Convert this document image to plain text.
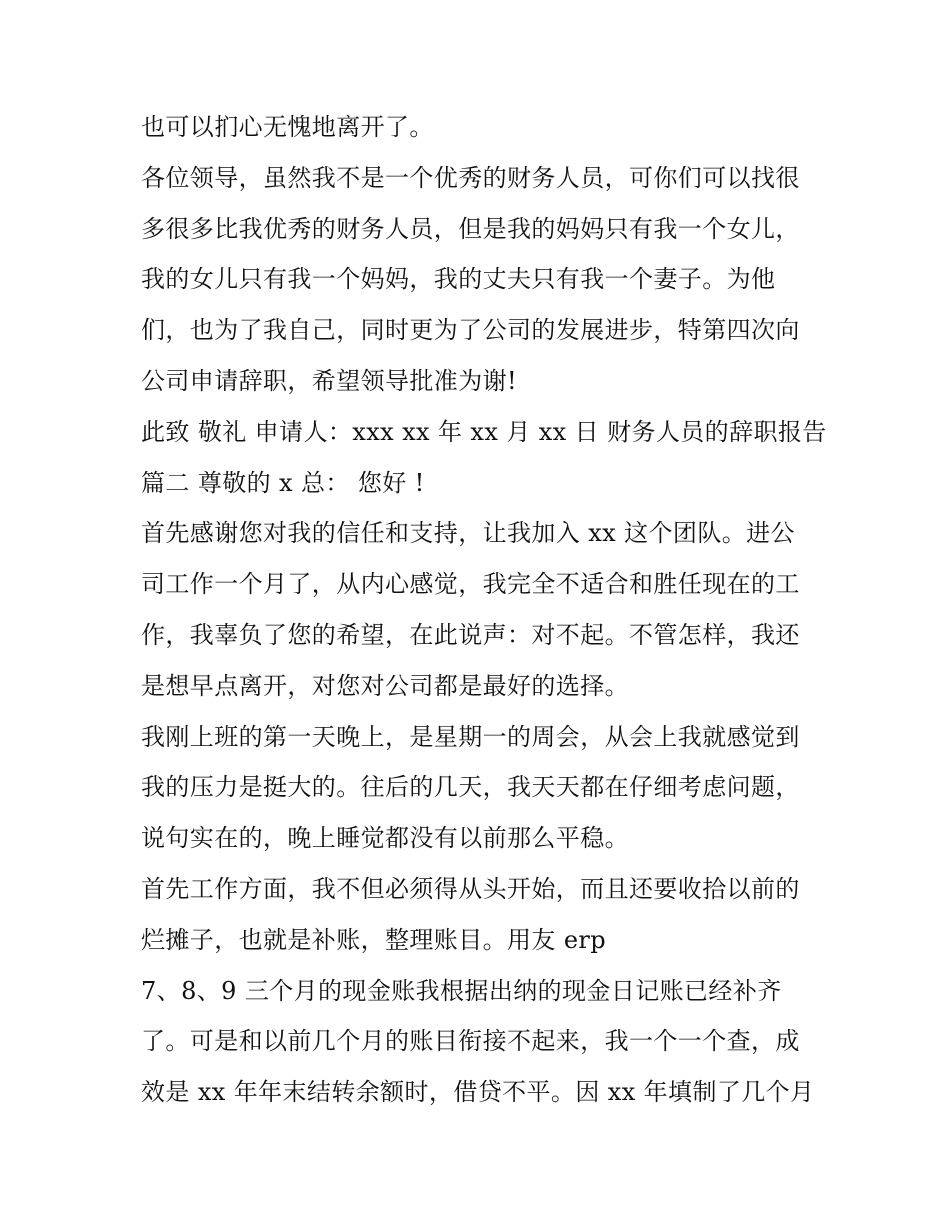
也可以扪心无愧地离开了。
各位领导，虽然我不是一个优秀的财务人员，可你们可以找很
多很多比我优秀的财务人员，但是我的妈妈只有我一个女儿，
我的女儿只有我一个妈妈，我的丈夫只有我一个妻子。为他
们，也为了我自己，同时更为了公司的发展进步，特第四次向
公司申请辞职，希望领导批准为谢!
此致 敬礼 申请人：xxx xx 年 xx 月 xx 日 财务人员的辞职报告
篇二 尊敬的 x 总： 您好 !
首先感谢您对我的信任和支持，让我加入 xx 这个团队。进公
司工作一个月了，从内心感觉，我完全不适合和胜任现在的工
作，我辜负了您的希望，在此说声：对不起。不管怎样，我还
是想早点离开，对您对公司都是最好的选择。
我刚上班的第一天晚上，是星期一的周会，从会上我就感觉到
我的压力是挺大的。往后的几天，我天天都在仔细考虑问题，
说句实在的，晚上睡觉都没有以前那么平稳。
首先工作方面，我不但必须得从头开始，而且还要收拾以前的
烂摊子，也就是补账，整理账目。用友 erp
7、8、9 三个月的现金账我根据出纳的现金日记账已经补齐
了。可是和以前几个月的账目衔接不起来，我一个一个查，成
效是 xx 年年末结转余额时，借贷不平。因 xx 年填制了几个月
